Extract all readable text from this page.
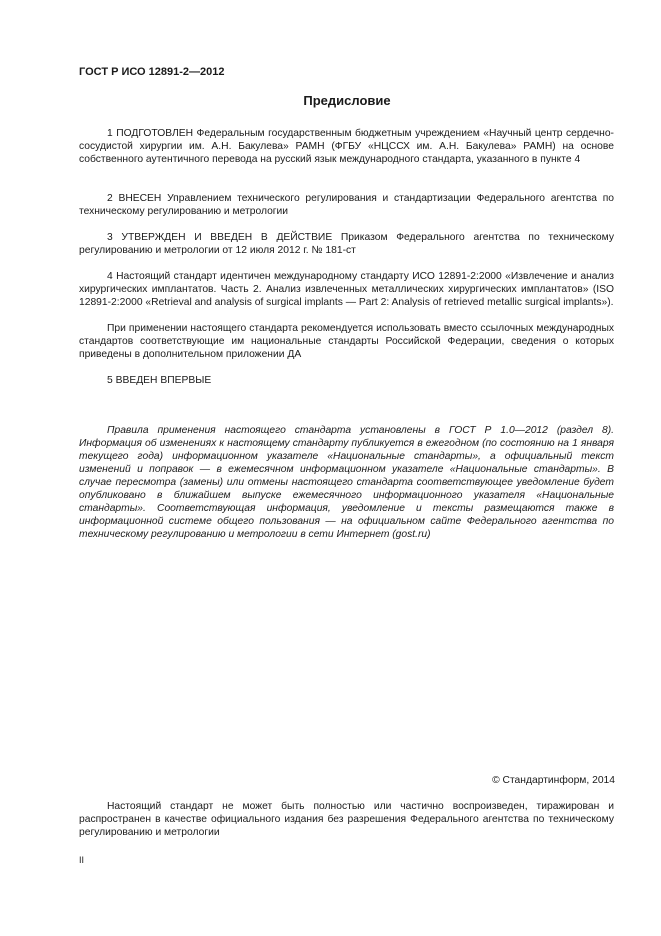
ГОСТ Р ИСО 12891-2—2012
Предисловие

1 ПОДГОТОВЛЕН Федеральным государственным бюджетным учреждением «Научный центр сердечно-сосудистой хирургии им. А.Н. Бакулева» РАМН (ФГБУ «НЦССХ им. А.Н. Бакулева» РАМН) на основе собственного аутентичного перевода на русский язык международного стандарта, указанного в пункте 4

2 ВНЕСЕН Управлением технического регулирования и стандартизации Федерального агентства по техническому регулированию и метрологии

3 УТВЕРЖДЕН И ВВЕДЕН В ДЕЙСТВИЕ Приказом Федерального агентства по техническому регулированию и метрологии от 12 июля 2012 г. № 181-ст

4 Настоящий стандарт идентичен международному стандарту ИСО 12891-2:2000 «Извлечение и анализ хирургических имплантатов. Часть 2. Анализ извлеченных металлических хирургических имплантатов» (ISO 12891-2:2000 «Retrieval and analysis of surgical implants — Part 2: Analysis of retrieved metallic surgical implants»).

При применении настоящего стандарта рекомендуется использовать вместо ссылочных международных стандартов соответствующие им национальные стандарты Российской Федерации, сведения о которых приведены в дополнительном приложении ДА

5 ВВЕДЕН ВПЕРВЫЕ

Правила применения настоящего стандарта установлены в ГОСТ Р 1.0—2012 (раздел 8). Информация об изменениях к настоящему стандарту публикуется в ежегодном (по состоянию на 1 января текущего года) информационном указателе «Национальные стандарты», а официальный текст изменений и поправок — в ежемесячном информационном указателе «Национальные стандарты». В случае пересмотра (замены) или отмены настоящего стандарта соответствующее уведомление будет опубликовано в ближайшем выпуске ежемесячного информационного указателя «Национальные стандарты». Соответствующая информация, уведомление и тексты размещаются также в информационной системе общего пользования — на официальном сайте Федерального агентства по техническому регулированию и метрологии в сети Интернет (gost.ru)

© Стандартинформ, 2014

Настоящий стандарт не может быть полностью или частично воспроизведен, тиражирован и распространен в качестве официального издания без разрешения Федерального агентства по техническому регулированию и метрологии

II
